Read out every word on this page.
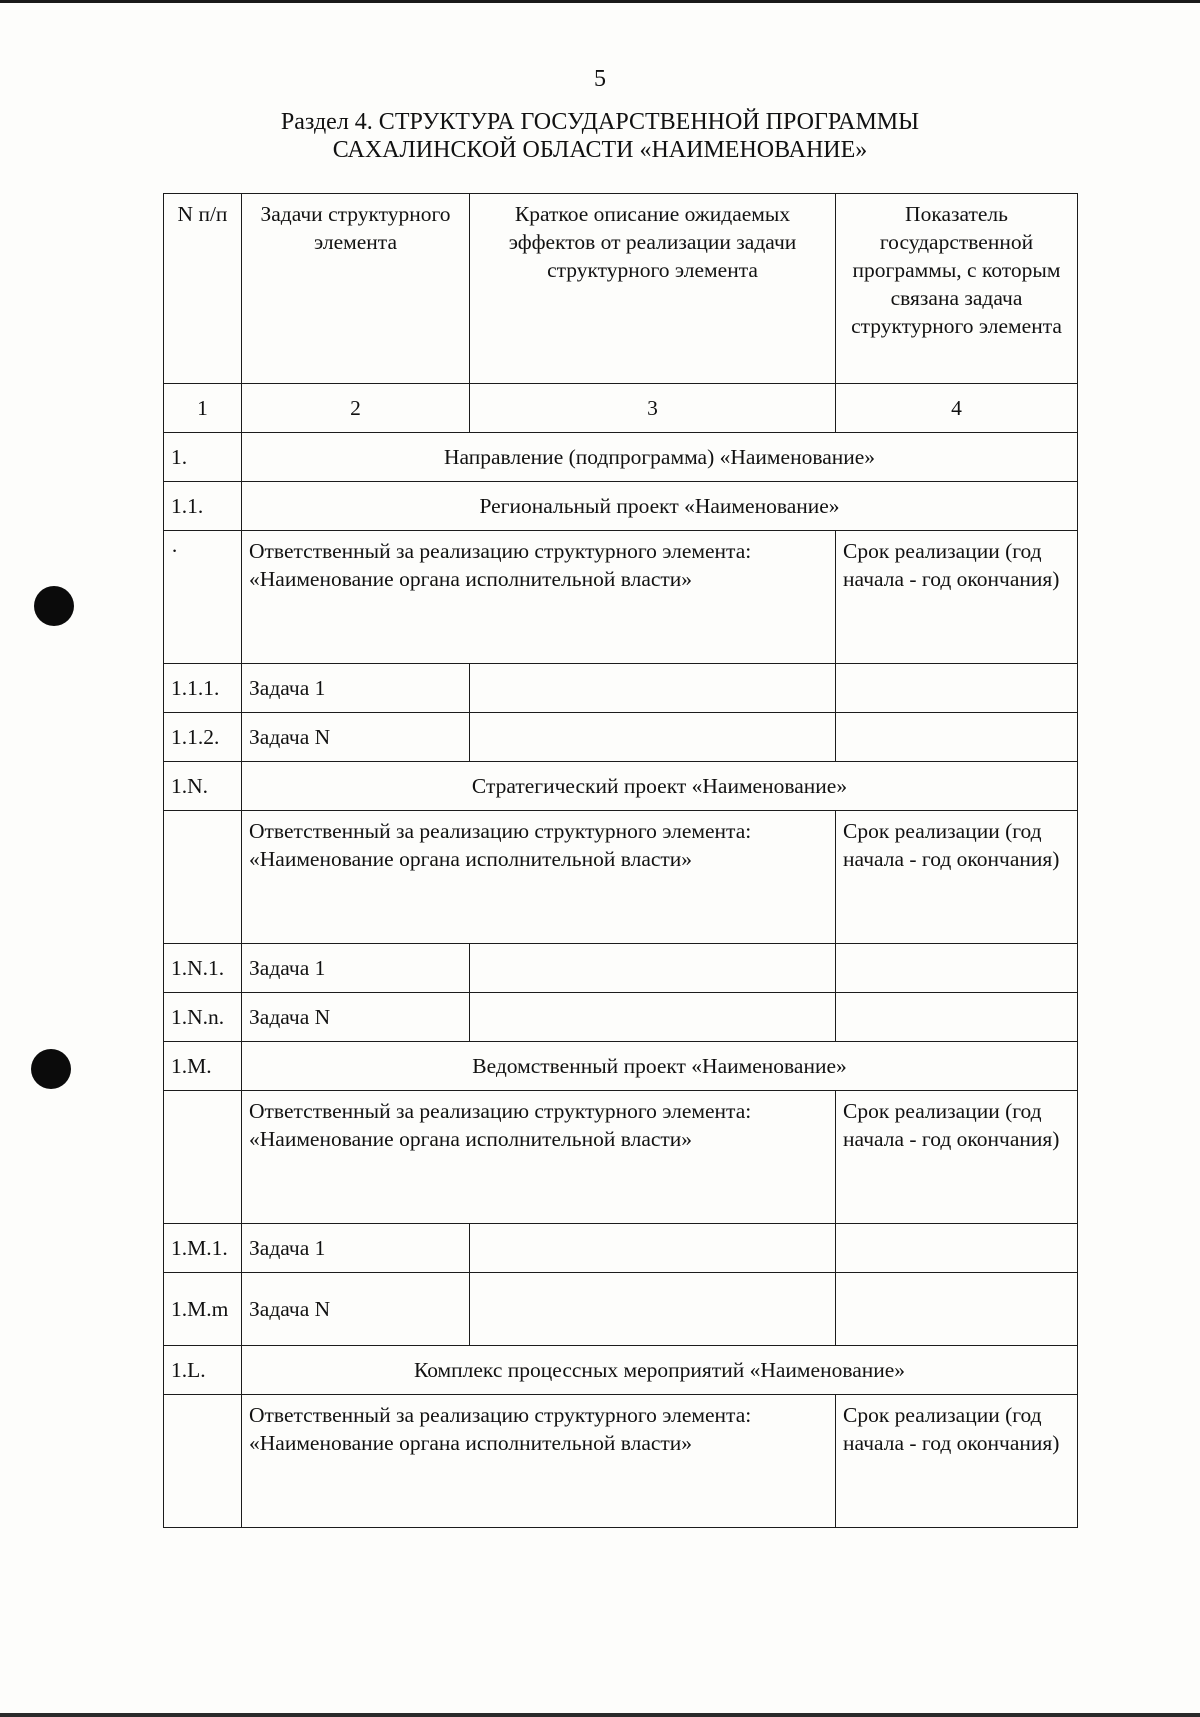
5
Раздел 4. СТРУКТУРА ГОСУДАРСТВЕННОЙ ПРОГРАММЫ
САХАЛИНСКОЙ ОБЛАСТИ «НАИМЕНОВАНИЕ»
N п/п	Задачи структурного элемента	Краткое описание ожидаемых эффектов от реализации задачи структурного элемента	Показатель государственной программы, с которым связана задача структурного элемента
1	2	3	4
1.	Направление (подпрограмма) «Наименование»		
1.1.	Региональный проект «Наименование»		
·	Ответственный за реализацию структурного элемента: «Наименование органа исполнительной власти»		Срок реализации (год начала - год окончания)
1.1.1.	Задача 1		
1.1.2.	Задача N		
1.N.	Стратегический проект «Наименование»		
	Ответственный за реализацию структурного элемента: «Наименование органа исполнительной власти»		Срок реализации (год начала - год окончания)
1.N.1.	Задача 1		
1.N.n.	Задача N		
1.M.	Ведомственный проект «Наименование»		
	Ответственный за реализацию структурного элемента: «Наименование органа исполнительной власти»		Срок реализации (год начала - год окончания)
1.M.1.	Задача 1		
1.M.m	Задача N		
1.L.	Комплекс процессных мероприятий «Наименование»		
	Ответственный за реализацию структурного элемента: «Наименование органа исполнительной власти»		Срок реализации (год начала - год окончания)
